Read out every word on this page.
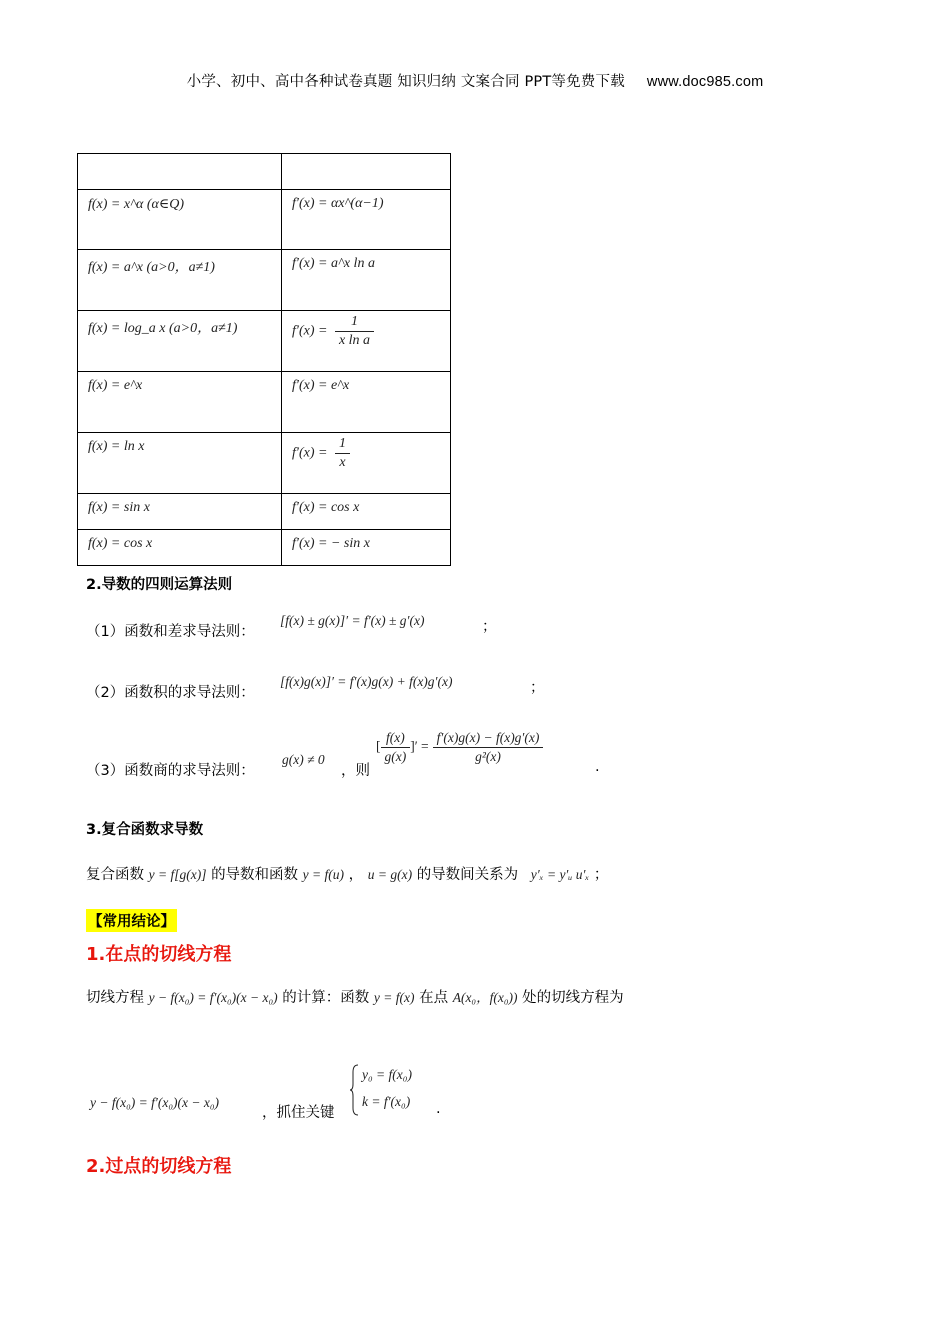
小学、初中、高中各种试卷真题 知识归纳 文案合同 PPT等免费下载 www.doc985.com

f(x) = x^α (α∈Q)	f′(x) = αx^(α−1)

f(x) = a^x (a>0，a≠1)	f′(x) = a^x ln a

f(x) = log_a x (a>0，a≠1)	$f'(x) = \frac{1}{\text{x ln a}}$

f(x) = e^x	f′(x) = e^x

f(x) = ln x	$f'(x) = \frac{1}{x}$

f(x) = sin x	f′(x) = cos x

f(x) = cos x	f′(x) = − sin x
2.导数的四则运算法则
（1）函数和差求导法则：
[f(x) ± g(x)]′ = f′(x) ± g′(x)	；
（2）函数积的求导法则：
[f(x)g(x)]′ = f′(x)g(x) + f(x)g′(x)	；
（3）函数商的求导法则：
g(x) ≠ 0
，则
[ $\frac{f(x)}{g(x)}$ ]′ = $\frac{f'(x)g(x) - f(x)g'(x)}{\text{g²(x)}}$
.
3.复合函数求导数
复合函数 y = f[g(x)] 的导数和函数 y = f(u) ， u = g(x) 的导数间关系为 y′ₓ = y′ᵤ u′ₓ ；
【常用结论】
1.在点的切线方程
切线方程 y − f(x₀) = f′(x₀)(x − x₀) 的计算：函数 y = f(x) 在点 A(x₀，f(x₀)) 处的切线方程为
y − f(x₀) = f′(x₀)(x − x₀)
，抓住关键
y₀ = f(x₀)
k = f′(x₀) .
2.过点的切线方程
